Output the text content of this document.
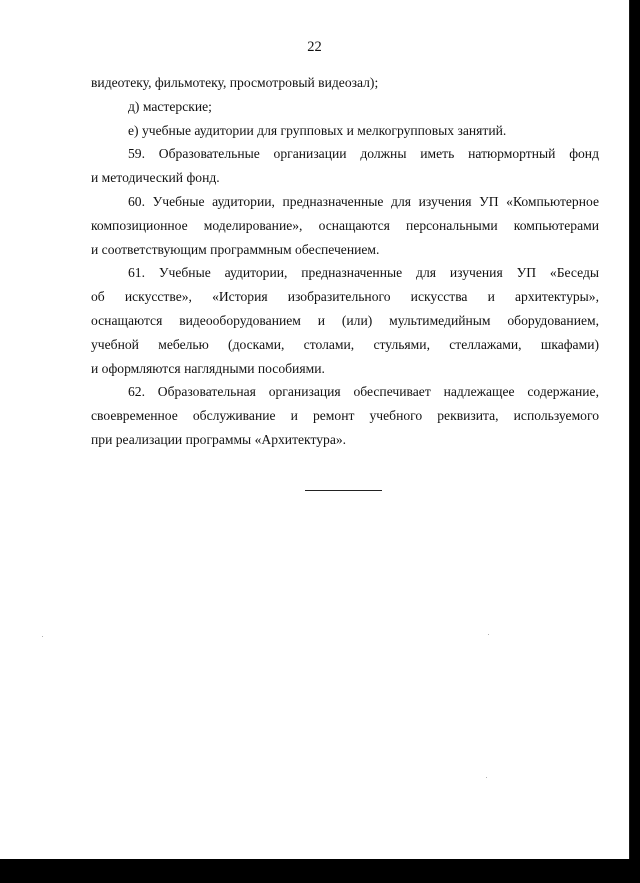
22
видеотеку, фильмотеку, просмотровый видеозал);
д) мастерские;
е) учебные аудитории для групповых и мелкогрупповых занятий.
59. Образовательные организации должны иметь натюрмортный фонд
и методический фонд.
60. Учебные аудитории, предназначенные для изучения УП «Компьютерное
композиционное моделирование», оснащаются персональными компьютерами
и соответствующим программным обеспечением.
61. Учебные аудитории, предназначенные для изучения УП «Беседы
об искусстве», «История изобразительного искусства и архитектуры»,
оснащаются видеооборудованием и (или) мультимедийным оборудованием,
учебной мебелью (досками, столами, стульями, стеллажами, шкафами)
и оформляются наглядными пособиями.
62. Образовательная организация обеспечивает надлежащее содержание,
своевременное обслуживание и ремонт учебного реквизита, используемого
при реализации программы «Архитектура».
